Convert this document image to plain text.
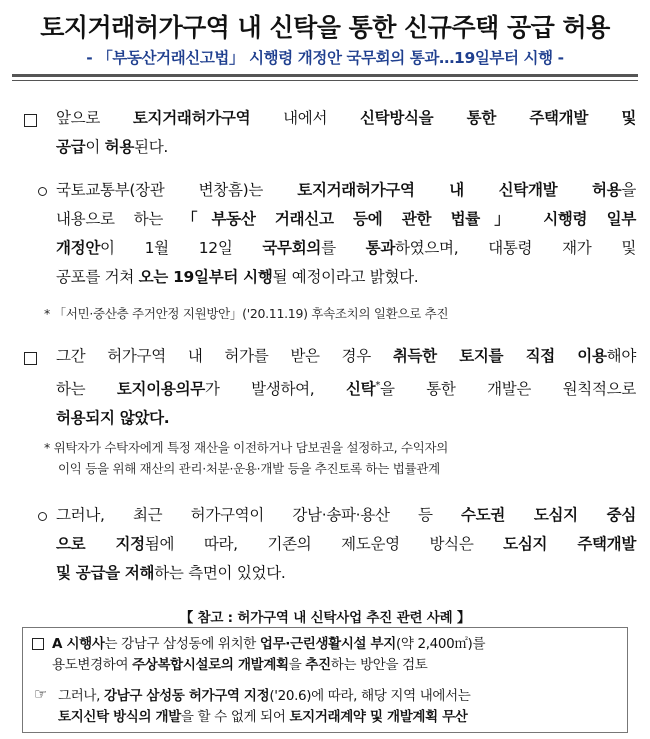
토지거래허가구역 내 신탁을 통한 신규주택 공급 허용
- 「부동산거래신고법」 시행령 개정안 국무회의 통과…19일부터 시행 -
앞으로 토지거래허가구역 내에서 신탁방식을 통한 주택개발 및
공급이 허용된다.
국토교통부(장관 변창흠)는 토지거래허가구역 내 신탁개발 허용을
내용으로 하는 「부동산 거래신고 등에 관한 법률」 시행령 일부
개정안이 1월 12일 국무회의를 통과하였으며, 대통령 재가 및
공포를 거쳐 오는 19일부터 시행될 예정이라고 밝혔다.
* 「서민·중산층 주거안정 지원방안」('20.11.19) 후속조치의 일환으로 추진
그간 허가구역 내 허가를 받은 경우 취득한 토지를 직접 이용해야
하는 토지이용의무가 발생하여, 신탁*을 통한 개발은 원칙적으로
허용되지 않았다.
* 위탁자가 수탁자에게 특정 재산을 이전하거나 담보권을 설정하고, 수익자의
이익 등을 위해 재산의 관리·처분·운용·개발 등을 추진토록 하는 법률관계
그러나, 최근 허가구역이 강남·송파·용산 등 수도권 도심지 중심
으로 지정됨에 따라, 기존의 제도운영 방식은 도심지 주택개발
및 공급을 저해하는 측면이 있었다.
【 참고 : 허가구역 내 신탁사업 추진 관련 사례 】
A 시행사는 강남구 삼성동에 위치한 업무·근린생활시설 부지(약 2,400㎡)를
용도변경하여 주상복합시설로의 개발계획을 추진하는 방안을 검토
☞ 그러나, 강남구 삼성동 허가구역 지정('20.6)에 따라, 해당 지역 내에서는
토지신탁 방식의 개발을 할 수 없게 되어 토지거래계약 및 개발계획 무산
